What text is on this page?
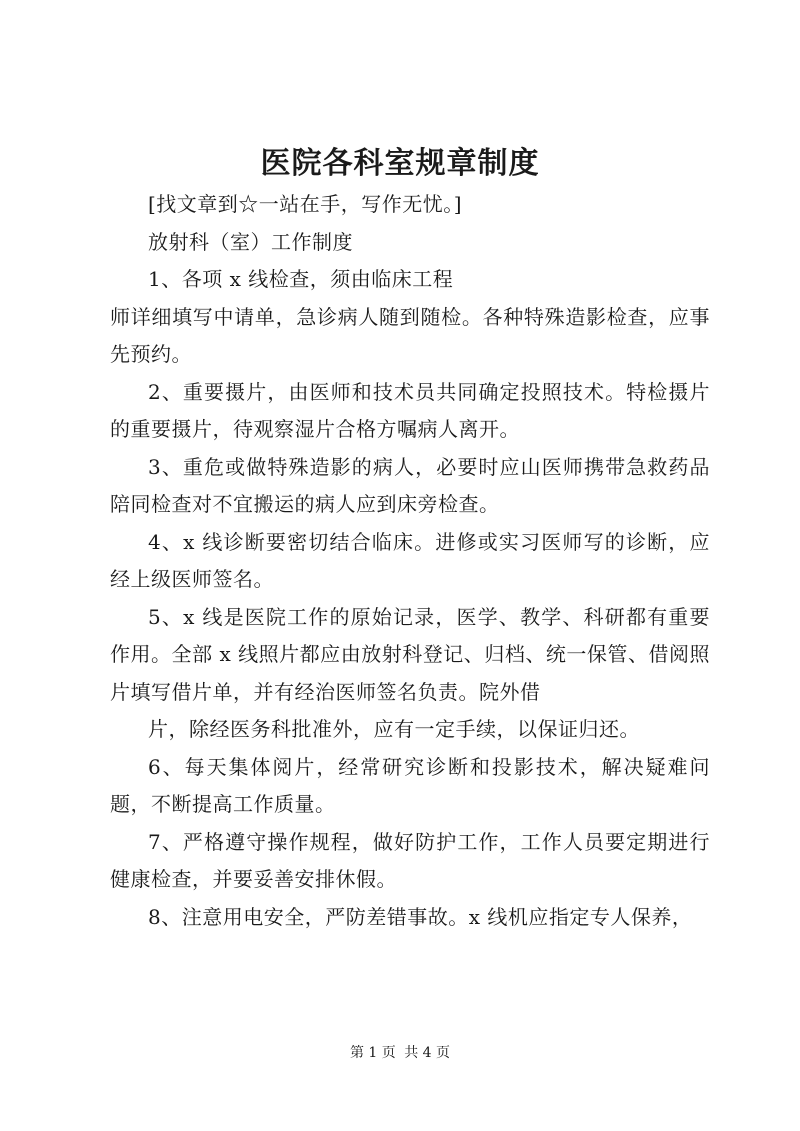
医院各科室规章制度

[找文章到☆一站在手，写作无忧。]

放射科（室）工作制度

1、各项 x 线检查，须由临床工程

师详细填写中请单，急诊病人随到随检。各种特殊造影检查，应事先预约。

2、重要摄片，由医师和技术员共同确定投照技术。特检摄片的重要摄片，待观察湿片合格方嘱病人离开。

3、重危或做特殊造影的病人，必要时应山医师携带急救药品陪同检查对不宜搬运的病人应到床旁检查。

4、x 线诊断要密切结合临床。进修或实习医师写的诊断，应经上级医师签名。

5、x 线是医院工作的原始记录，医学、教学、科研都有重要作用。全部 x 线照片都应由放射科登记、归档、统一保管、借阅照片填写借片单，并有经治医师签名负责。院外借

片，除经医务科批准外，应有一定手续，以保证归还。

6、每天集体阅片，经常研究诊断和投影技术，解决疑难问题，不断提高工作质量。

7、严格遵守操作规程，做好防护工作，工作人员要定期进行健康检查，并要妥善安排休假。

8、注意用电安全，严防差错事故。x 线机应指定专人保养，

第 1 页 共 4 页
